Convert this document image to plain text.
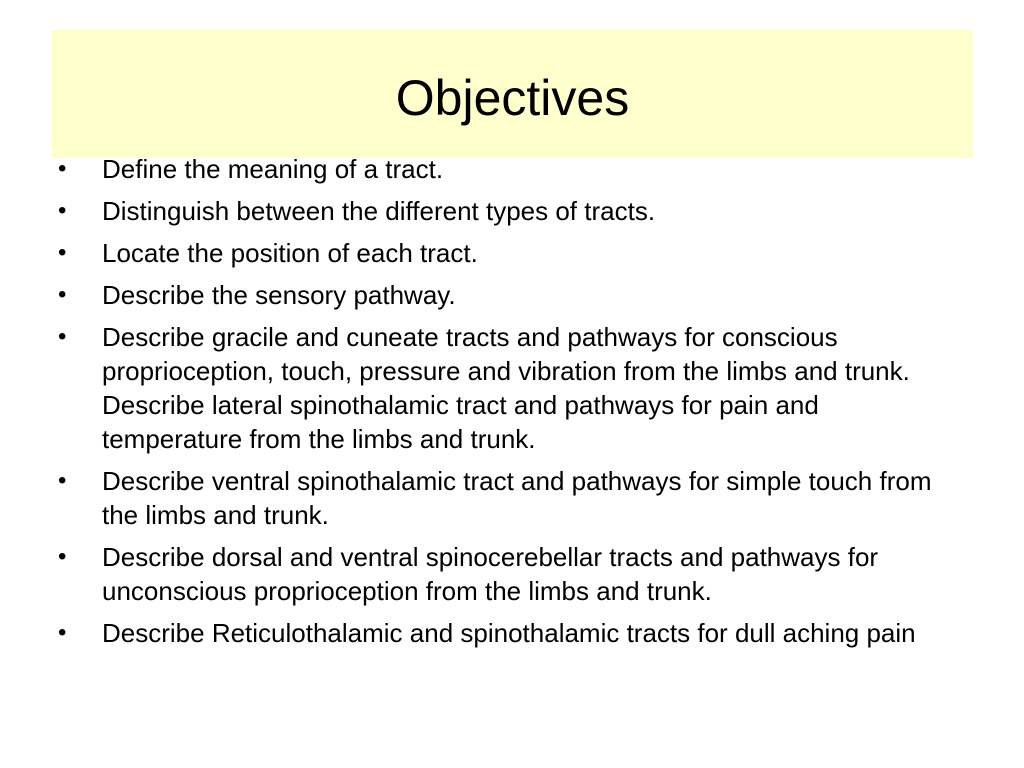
Objectives
•	Define the meaning of a tract.
•	Distinguish between the different types of tracts.
•	Locate the position of each tract.
•	Describe the sensory pathway.
•	Describe gracile and cuneate tracts and pathways for conscious proprioception, touch, pressure and vibration from the limbs and trunk. Describe lateral spinothalamic tract and pathways for pain and temperature from the limbs and trunk.
•	Describe ventral spinothalamic tract and pathways for simple touch from the limbs and trunk.
•	Describe dorsal and ventral spinocerebellar tracts and pathways for unconscious proprioception from the limbs and trunk.
•	Describe Reticulothalamic and spinothalamic tracts for dull aching pain
